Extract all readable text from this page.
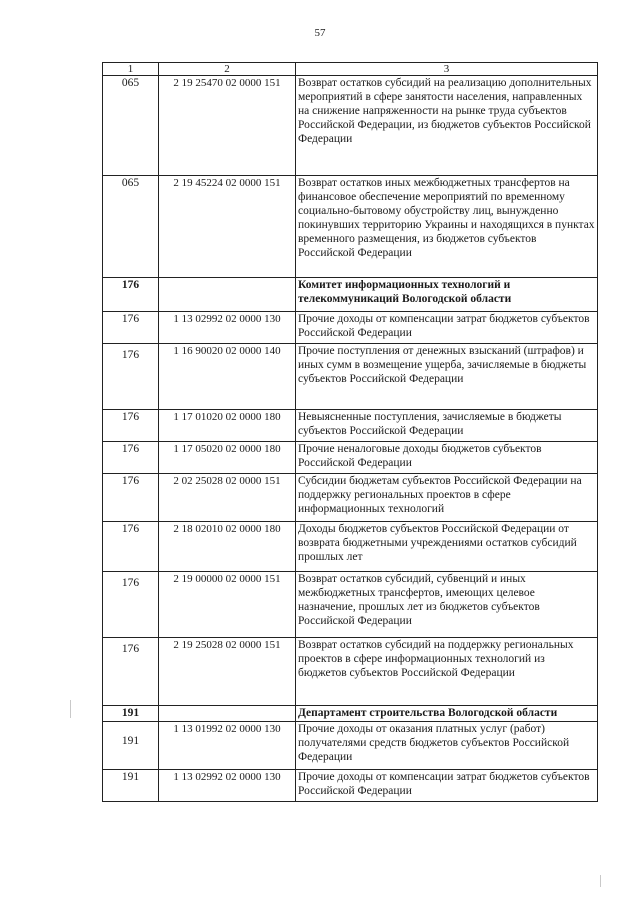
57
1	2	3
065	2 19 25470 02 0000 151	Возврат остатков субсидий на реализацию дополнительных мероприятий в сфере занятости населения, направленных на снижение напряженности на рынке труда субъектов Российской Федерации, из бюджетов субъектов Российской Федерации
065	2 19 45224 02 0000 151	Возврат остатков иных межбюджетных трансфертов на финансовое обеспечение мероприятий по временному социально-бытовому обустройству лиц, вынужденно покинувших территорию Украины и находящихся в пунктах временного размещения, из бюджетов субъектов Российской Федерации
176		Комитет информационных технологий и телекоммуникаций Вологодской области
176	1 13 02992 02 0000 130	Прочие доходы от компенсации затрат бюджетов субъектов Российской Федерации
176	1 16 90020 02 0000 140	Прочие поступления от денежных взысканий (штрафов) и иных сумм в возмещение ущерба, зачисляемые в бюджеты субъектов Российской Федерации
176	1 17 01020 02 0000 180	Невыясненные поступления, зачисляемые в бюджеты субъектов Российской Федерации
176	1 17 05020 02 0000 180	Прочие неналоговые доходы бюджетов субъектов Российской Федерации
176	2 02 25028 02 0000 151	Субсидии бюджетам субъектов Российской Федерации на поддержку региональных проектов в сфере информационных технологий
176	2 18 02010 02 0000 180	Доходы бюджетов субъектов Российской Федерации от возврата бюджетными учреждениями остатков субсидий прошлых лет
176	2 19 00000 02 0000 151	Возврат остатков субсидий, субвенций и иных межбюджетных трансфертов, имеющих целевое назначение, прошлых лет из бюджетов субъектов Российской Федерации
176	2 19 25028 02 0000 151	Возврат остатков субсидий на поддержку региональных проектов в сфере информационных технологий из бюджетов субъектов Российской Федерации
191		Департамент строительства Вологодской области
191	1 13 01992 02 0000 130	Прочие доходы от оказания платных услуг (работ) получателями средств бюджетов субъектов Российской Федерации
191	1 13 02992 02 0000 130	Прочие доходы от компенсации затрат бюджетов субъектов Российской Федерации
